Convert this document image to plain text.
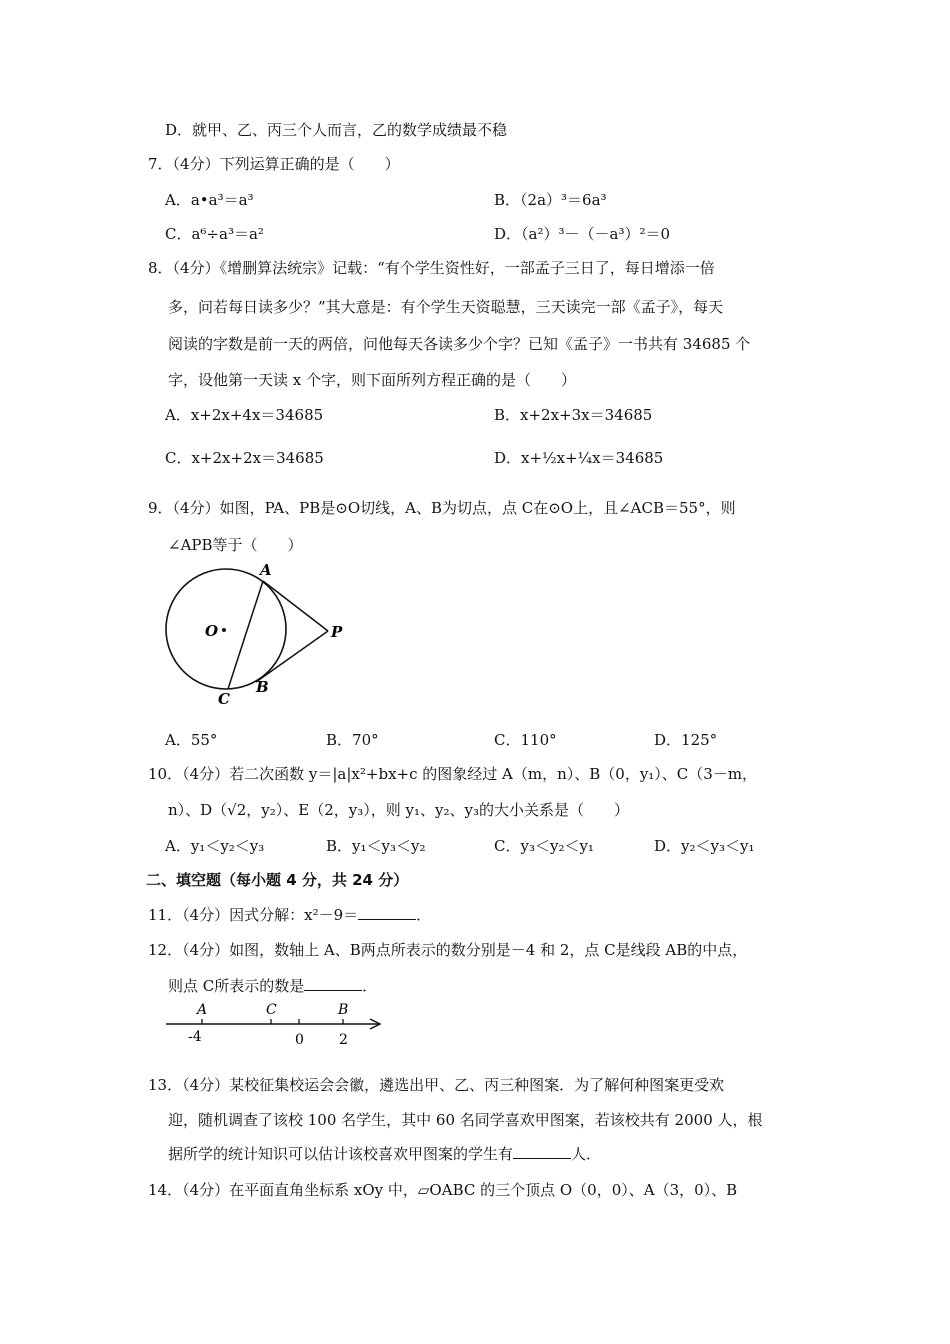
D．就甲、乙、丙三个人而言，乙的数学成绩最不稳
7．（4分）下列运算正确的是（　　）
A．a•a³＝a³	B．（2a）³＝6a³
C．a⁶÷a³＝a²	D．（a²）³－（－a³）²＝0
8．（4分）《增删算法统宗》记载：“有个学生资性好，一部孟子三日了，每日增添一倍
多，问若每日读多少？”其大意是：有个学生天资聪慧，三天读完一部《孟子》，每天
阅读的字数是前一天的两倍，问他每天各读多少个字？已知《孟子》一书共有 34685 个
字，设他第一天读 x 个字，则下面所列方程正确的是（　　）
A．x+2x+4x＝34685	B．x+2x+3x＝34685
C．x+2x+2x＝34685	D．x+½x+¼x＝34685
9．（4分）如图，PA、PB是⊙O切线，A、B为切点，点 C在⊙O上，且∠ACB＝55°，则
∠APB等于（　　）
A
B
C
O	P
A．55°	B．70°	C．110°	D．125°
10．（4分）若二次函数 y＝|a|x²+bx+c 的图象经过 A（m，n）、B（0，y₁）、C（3－m，
n）、D（√2，y₂）、E（2，y₃），则 y₁、y₂、y₃的大小关系是（　　）
A．y₁＜y₂＜y₃	B．y₁＜y₃＜y₂	C．y₃＜y₂＜y₁	D．y₂＜y₃＜y₁
二、填空题（每小题 4 分，共 24 分）
11．（4分）因式分解：x²－9＝	．
12．（4分）如图，数轴上 A、B两点所表示的数分别是－4 和 2，点 C是线段 AB的中点，
则点 C所表示的数是	．
A	C	B
-4	0	2
13．（4分）某校征集校运会会徽，遴选出甲、乙、丙三种图案．为了解何种图案更受欢
迎，随机调查了该校 100 名学生，其中 60 名同学喜欢甲图案，若该校共有 2000 人，根
据所学的统计知识可以估计该校喜欢甲图案的学生有	人．
14．（4分）在平面直角坐标系 xOy 中，▱OABC 的三个顶点 O（0，0）、A（3，0）、B
